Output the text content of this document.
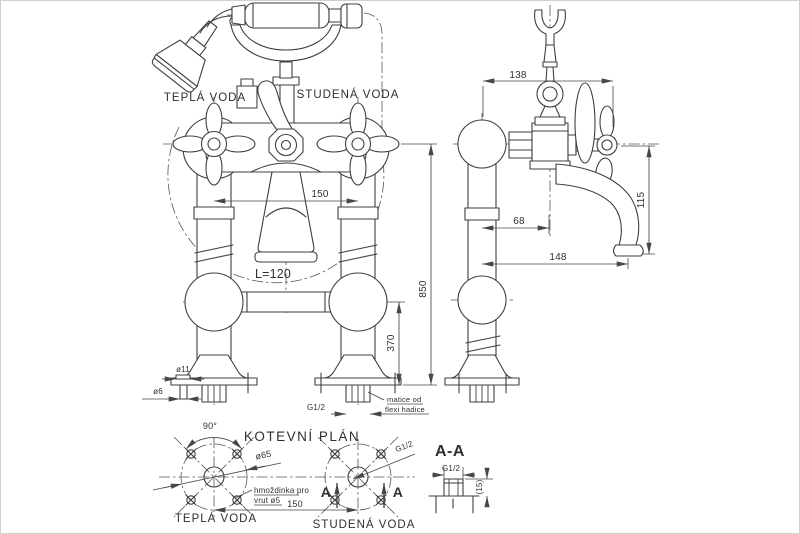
150
L=120
850
370
ø11
ø6
G1/2
matice od
flexi hadice
TEPLÁ VODA	STUDENÁ VODA
138
115
68
148
KOTEVNÍ PLÁN
90°
ø65
hmoždinka pro
vrut ø5
G1/2
A	A
150
TEPLÁ VODA	STUDENÁ VODA
A-A
G1/2
(15)
